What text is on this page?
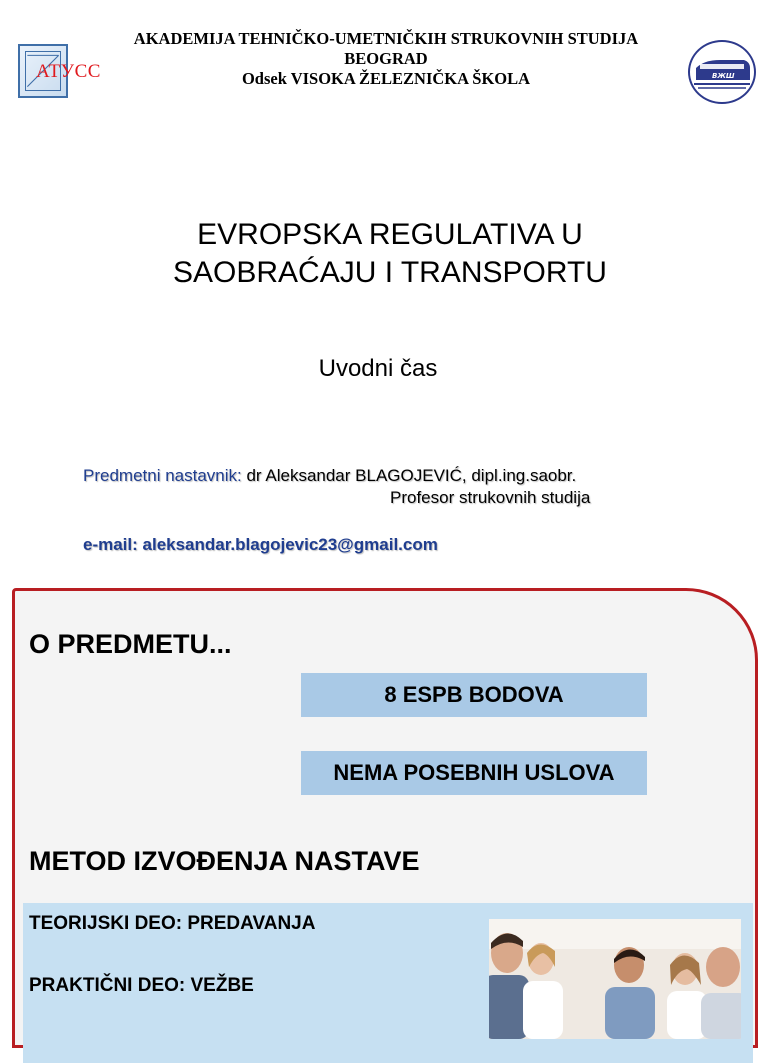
АТУСС
AKADEMIJA TEHNIČKO-UMETNIČKIH STRUKOVNIH STUDIJA
BEOGRAD
Odsek VISOKA ŽELEZNIČKA ŠKOLA	ВЖШ
EVROPSKA REGULATIVA U
SAOBRAĆAJU I TRANSPORTU
Uvodni čas
Predmetni nastavnik: dr Aleksandar BLAGOJEVIĆ, dipl.ing.saobr.
Profesor strukovnih studija
e-mail: aleksandar.blagojevic23@gmail.com
O PREDMETU...
8 ESPB BODOVA
NEMA POSEBNIH USLOVA
METOD IZVOĐENJA NASTAVE
TEORIJSKI DEO: PREDAVANJA
PRAKTIČNI DEO: VEŽBE
